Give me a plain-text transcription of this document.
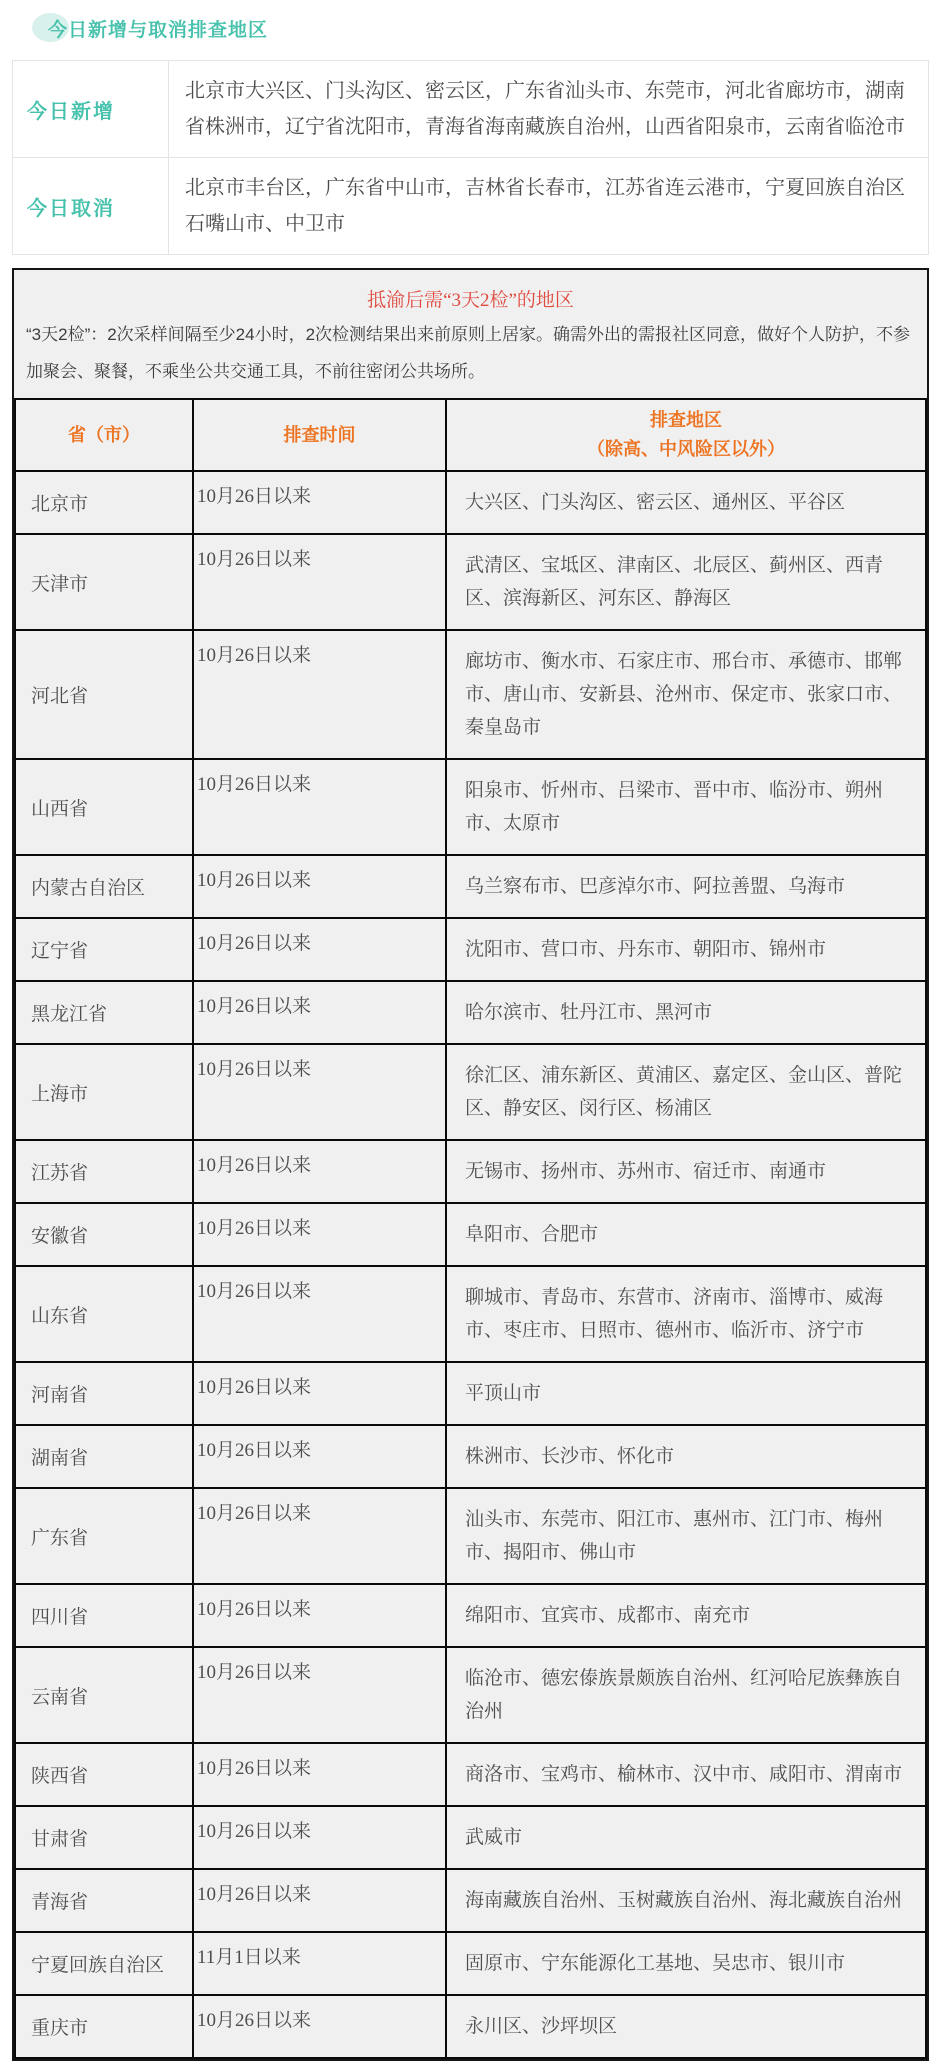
今日新增与取消排查地区
今日新增	北京市大兴区、门头沟区、密云区，广东省汕头市、东莞市，河北省廊坊市，湖南省株洲市，辽宁省沈阳市，青海省海南藏族自治州，山西省阳泉市，云南省临沧市
今日取消	北京市丰台区，广东省中山市，吉林省长春市，江苏省连云港市，宁夏回族自治区石嘴山市、中卫市
抵渝后需“3天2检”的地区
“3天2检”：2次采样间隔至少24小时，2次检测结果出来前原则上居家。确需外出的需报社区同意，做好个人防护，不参加聚会、聚餐，不乘坐公共交通工具，不前往密闭公共场所。
省（市）	排查时间	排查地区
（除高、中风险区以外）

北京市	10月26日以来	大兴区、门头沟区、密云区、通州区、平谷区
天津市	10月26日以来	武清区、宝坻区、津南区、北辰区、蓟州区、西青区、滨海新区、河东区、静海区
河北省	10月26日以来	廊坊市、衡水市、石家庄市、邢台市、承德市、邯郸市、唐山市、安新县、沧州市、保定市、张家口市、秦皇岛市
山西省	10月26日以来	阳泉市、忻州市、吕梁市、晋中市、临汾市、朔州市、太原市
内蒙古自治区	10月26日以来	乌兰察布市、巴彦淖尔市、阿拉善盟、乌海市
辽宁省	10月26日以来	沈阳市、营口市、丹东市、朝阳市、锦州市
黑龙江省	10月26日以来	哈尔滨市、牡丹江市、黑河市
上海市	10月26日以来	徐汇区、浦东新区、黄浦区、嘉定区、金山区、普陀区、静安区、闵行区、杨浦区
江苏省	10月26日以来	无锡市、扬州市、苏州市、宿迁市、南通市
安徽省	10月26日以来	阜阳市、合肥市
山东省	10月26日以来	聊城市、青岛市、东营市、济南市、淄博市、威海市、枣庄市、日照市、德州市、临沂市、济宁市
河南省	10月26日以来	平顶山市
湖南省	10月26日以来	株洲市、长沙市、怀化市
广东省	10月26日以来	汕头市、东莞市、阳江市、惠州市、江门市、梅州市、揭阳市、佛山市
四川省	10月26日以来	绵阳市、宜宾市、成都市、南充市
云南省	10月26日以来	临沧市、德宏傣族景颇族自治州、红河哈尼族彝族自治州
陕西省	10月26日以来	商洛市、宝鸡市、榆林市、汉中市、咸阳市、渭南市
甘肃省	10月26日以来	武威市
青海省	10月26日以来	海南藏族自治州、玉树藏族自治州、海北藏族自治州
宁夏回族自治区	11月1日以来	固原市、宁东能源化工基地、吴忠市、银川市
重庆市	10月26日以来	永川区、沙坪坝区
